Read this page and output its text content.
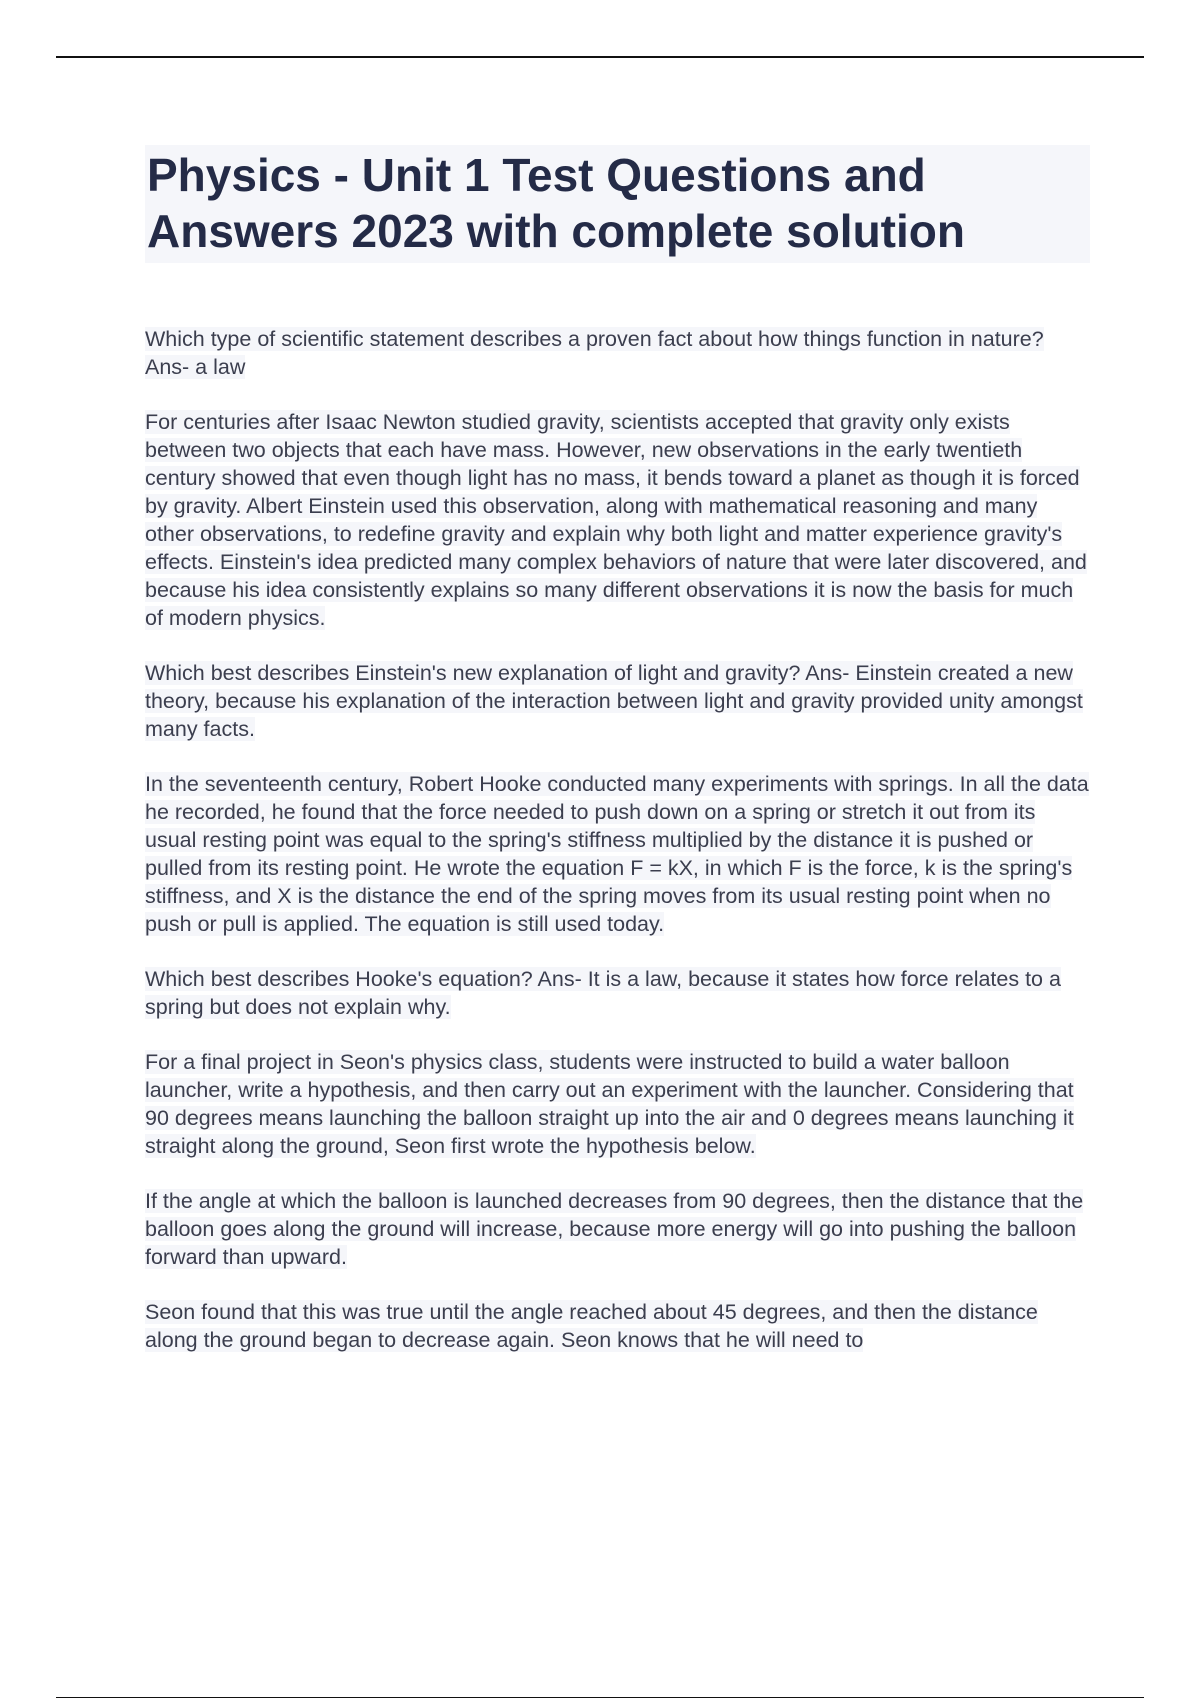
Physics - Unit 1 Test Questions and Answers 2023 with complete solution

Which type of scientific statement describes a proven fact about how things function in nature? Ans- a law

For centuries after Isaac Newton studied gravity, scientists accepted that gravity only exists between two objects that each have mass. However, new observations in the early twentieth century showed that even though light has no mass, it bends toward a planet as though it is forced by gravity. Albert Einstein used this observation, along with mathematical reasoning and many other observations, to redefine gravity and explain why both light and matter experience gravity's effects. Einstein's idea predicted many complex behaviors of nature that were later discovered, and because his idea consistently explains so many different observations it is now the basis for much of modern physics.

Which best describes Einstein's new explanation of light and gravity? Ans- Einstein created a new theory, because his explanation of the interaction between light and gravity provided unity amongst many facts.

In the seventeenth century, Robert Hooke conducted many experiments with springs. In all the data he recorded, he found that the force needed to push down on a spring or stretch it out from its usual resting point was equal to the spring's stiffness multiplied by the distance it is pushed or pulled from its resting point. He wrote the equation F = kX, in which F is the force, k is the spring's stiffness, and X is the distance the end of the spring moves from its usual resting point when no push or pull is applied. The equation is still used today.

Which best describes Hooke's equation? Ans- It is a law, because it states how force relates to a spring but does not explain why.

For a final project in Seon's physics class, students were instructed to build a water balloon launcher, write a hypothesis, and then carry out an experiment with the launcher. Considering that 90 degrees means launching the balloon straight up into the air and 0 degrees means launching it straight along the ground, Seon first wrote the hypothesis below.

If the angle at which the balloon is launched decreases from 90 degrees, then the distance that the balloon goes along the ground will increase, because more energy will go into pushing the balloon forward than upward.

Seon found that this was true until the angle reached about 45 degrees, and then the distance along the ground began to decrease again. Seon knows that he will need to
